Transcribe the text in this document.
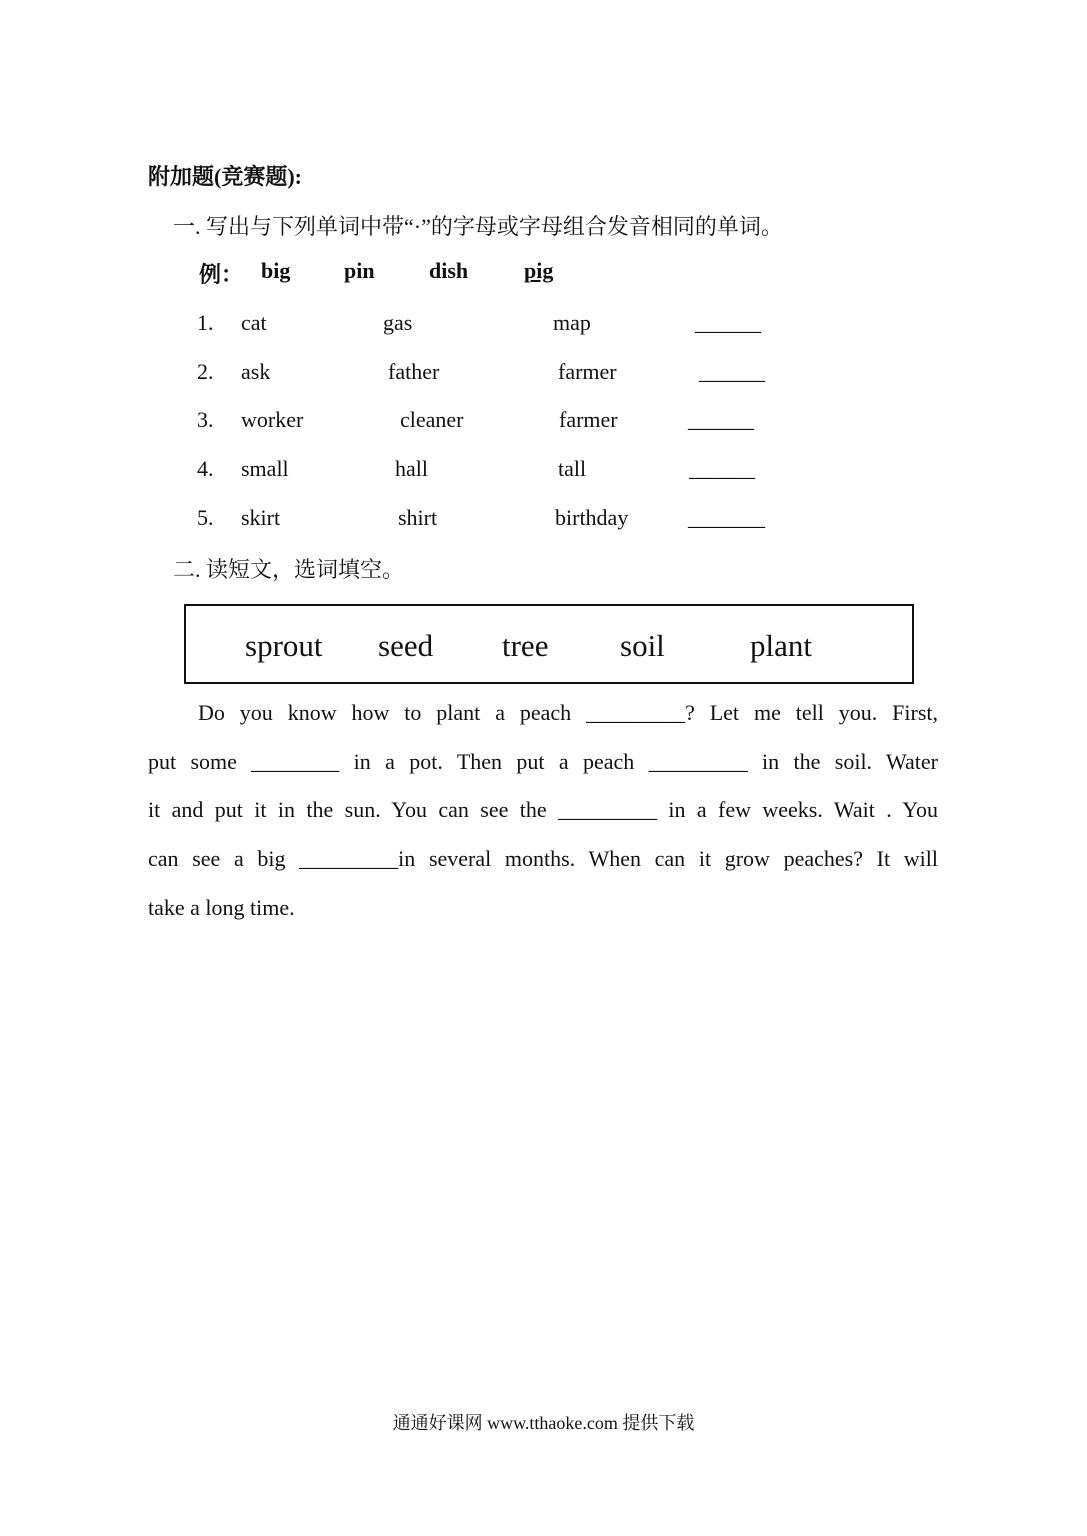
附加题(竞赛题):
一. 写出与下列单词中带“·”的字母或字母组合发音相同的单词。
例： big pin dish	pig
1. cat	gas	map	______
2. ask	father	farmer	______
3. worker	cleaner	farmer	______
4. small	hall	tall	______
5. skirt	shirt	birthday	_______
二. 读短文，选词填空。
sprout seed tree soil	plant
Do you know how to plant a peach _________? Let me tell you. First,
put some ________ in a pot. Then put a peach _________ in the soil. Water
it and put it in the sun. You can see the _________ in a few weeks. Wait . You
can see a big _________in several months. When can it grow peaches? It will
take a long time.
通通好课网 www.tthaoke.com 提供下载
